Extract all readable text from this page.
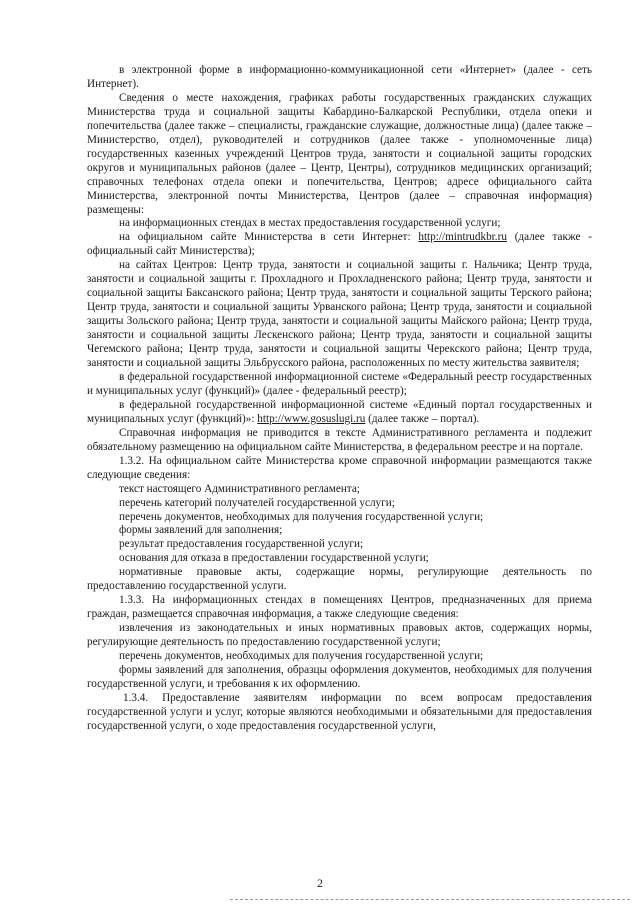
в электронной форме в информационно-коммуникационной сети «Интернет» (далее - сеть Интернет).

Сведения о месте нахождения, графиках работы государственных гражданских служащих Министерства труда и социальной защиты Кабардино-Балкарской Республики, отдела опеки и попечительства (далее также – специалисты, гражданские служащие, должностные лица) (далее также – Министерство, отдел), руководителей и сотрудников (далее также - уполномоченные лица) государственных казенных учреждений Центров труда, занятости и социальной защиты городских округов и муниципальных районов (далее – Центр, Центры), сотрудников медицинских организаций; справочных телефонах отдела опеки и попечительства, Центров; адресе официального сайта Министерства, электронной почты Министерства, Центров (далее – справочная информация) размещены:

на информационных стендах в местах предоставления государственной услуги;

на официальном сайте Министерства в сети Интернет: http://mintrudkbr.ru (далее также - официальный сайт Министерства);

на сайтах Центров: Центр труда, занятости и социальной защиты г. Нальчика; Центр труда, занятости и социальной защиты г. Прохладного и Прохладненского района; Центр труда, занятости и социальной защиты Баксанского района; Центр труда, занятости и социальной защиты Терского района; Центр труда, занятости и социальной защиты Урванского района; Центр труда, занятости и социальной защиты Зольского района; Центр труда, занятости и социальной защиты Майского района; Центр труда, занятости и социальной защиты Лескенского района; Центр труда, занятости и социальной защиты Чегемского района; Центр труда, занятости и социальной защиты Черекского района; Центр труда, занятости и социальной защиты Эльбрусского района, расположенных по месту жительства заявителя;

в федеральной государственной информационной системе «Федеральный реестр государственных и муниципальных услуг (функций)» (далее - федеральный реестр);

в федеральной государственной информационной системе «Единый портал государственных и муниципальных услуг (функций)»: http://www.gosuslugi.ru (далее также – портал).

Справочная информация не приводится в тексте Административного регламента и подлежит обязательному размещению на официальном сайте Министерства, в федеральном реестре и на портале.

1.3.2. На официальном сайте Министерства кроме справочной информации размещаются также следующие сведения:

текст настоящего Административного регламента;

перечень категорий получателей государственной услуги;

перечень документов, необходимых для получения государственной услуги;

формы заявлений для заполнения;

результат предоставления государственной услуги;

основания для отказа в предоставлении государственной услуги;

нормативные правовые акты, содержащие нормы, регулирующие деятельность по предоставлению государственной услуги.

1.3.3. На информационных стендах в помещениях Центров, предназначенных для приема граждан, размещается справочная информация, а также следующие сведения:

извлечения из законодательных и иных нормативных правовых актов, содержащих нормы, регулирующие деятельность по предоставлению государственной услуги;

перечень документов, необходимых для получения государственной услуги;

формы заявлений для заполнения, образцы оформления документов, необходимых для получения государственной услуги, и требования к их оформлению.

1.3.4. Предоставление заявителям информации по всем вопросам предоставления государственной услуги и услуг, которые являются необходимыми и обязательными для предоставления государственной услуги, о ходе предоставления государственной услуги,

2
